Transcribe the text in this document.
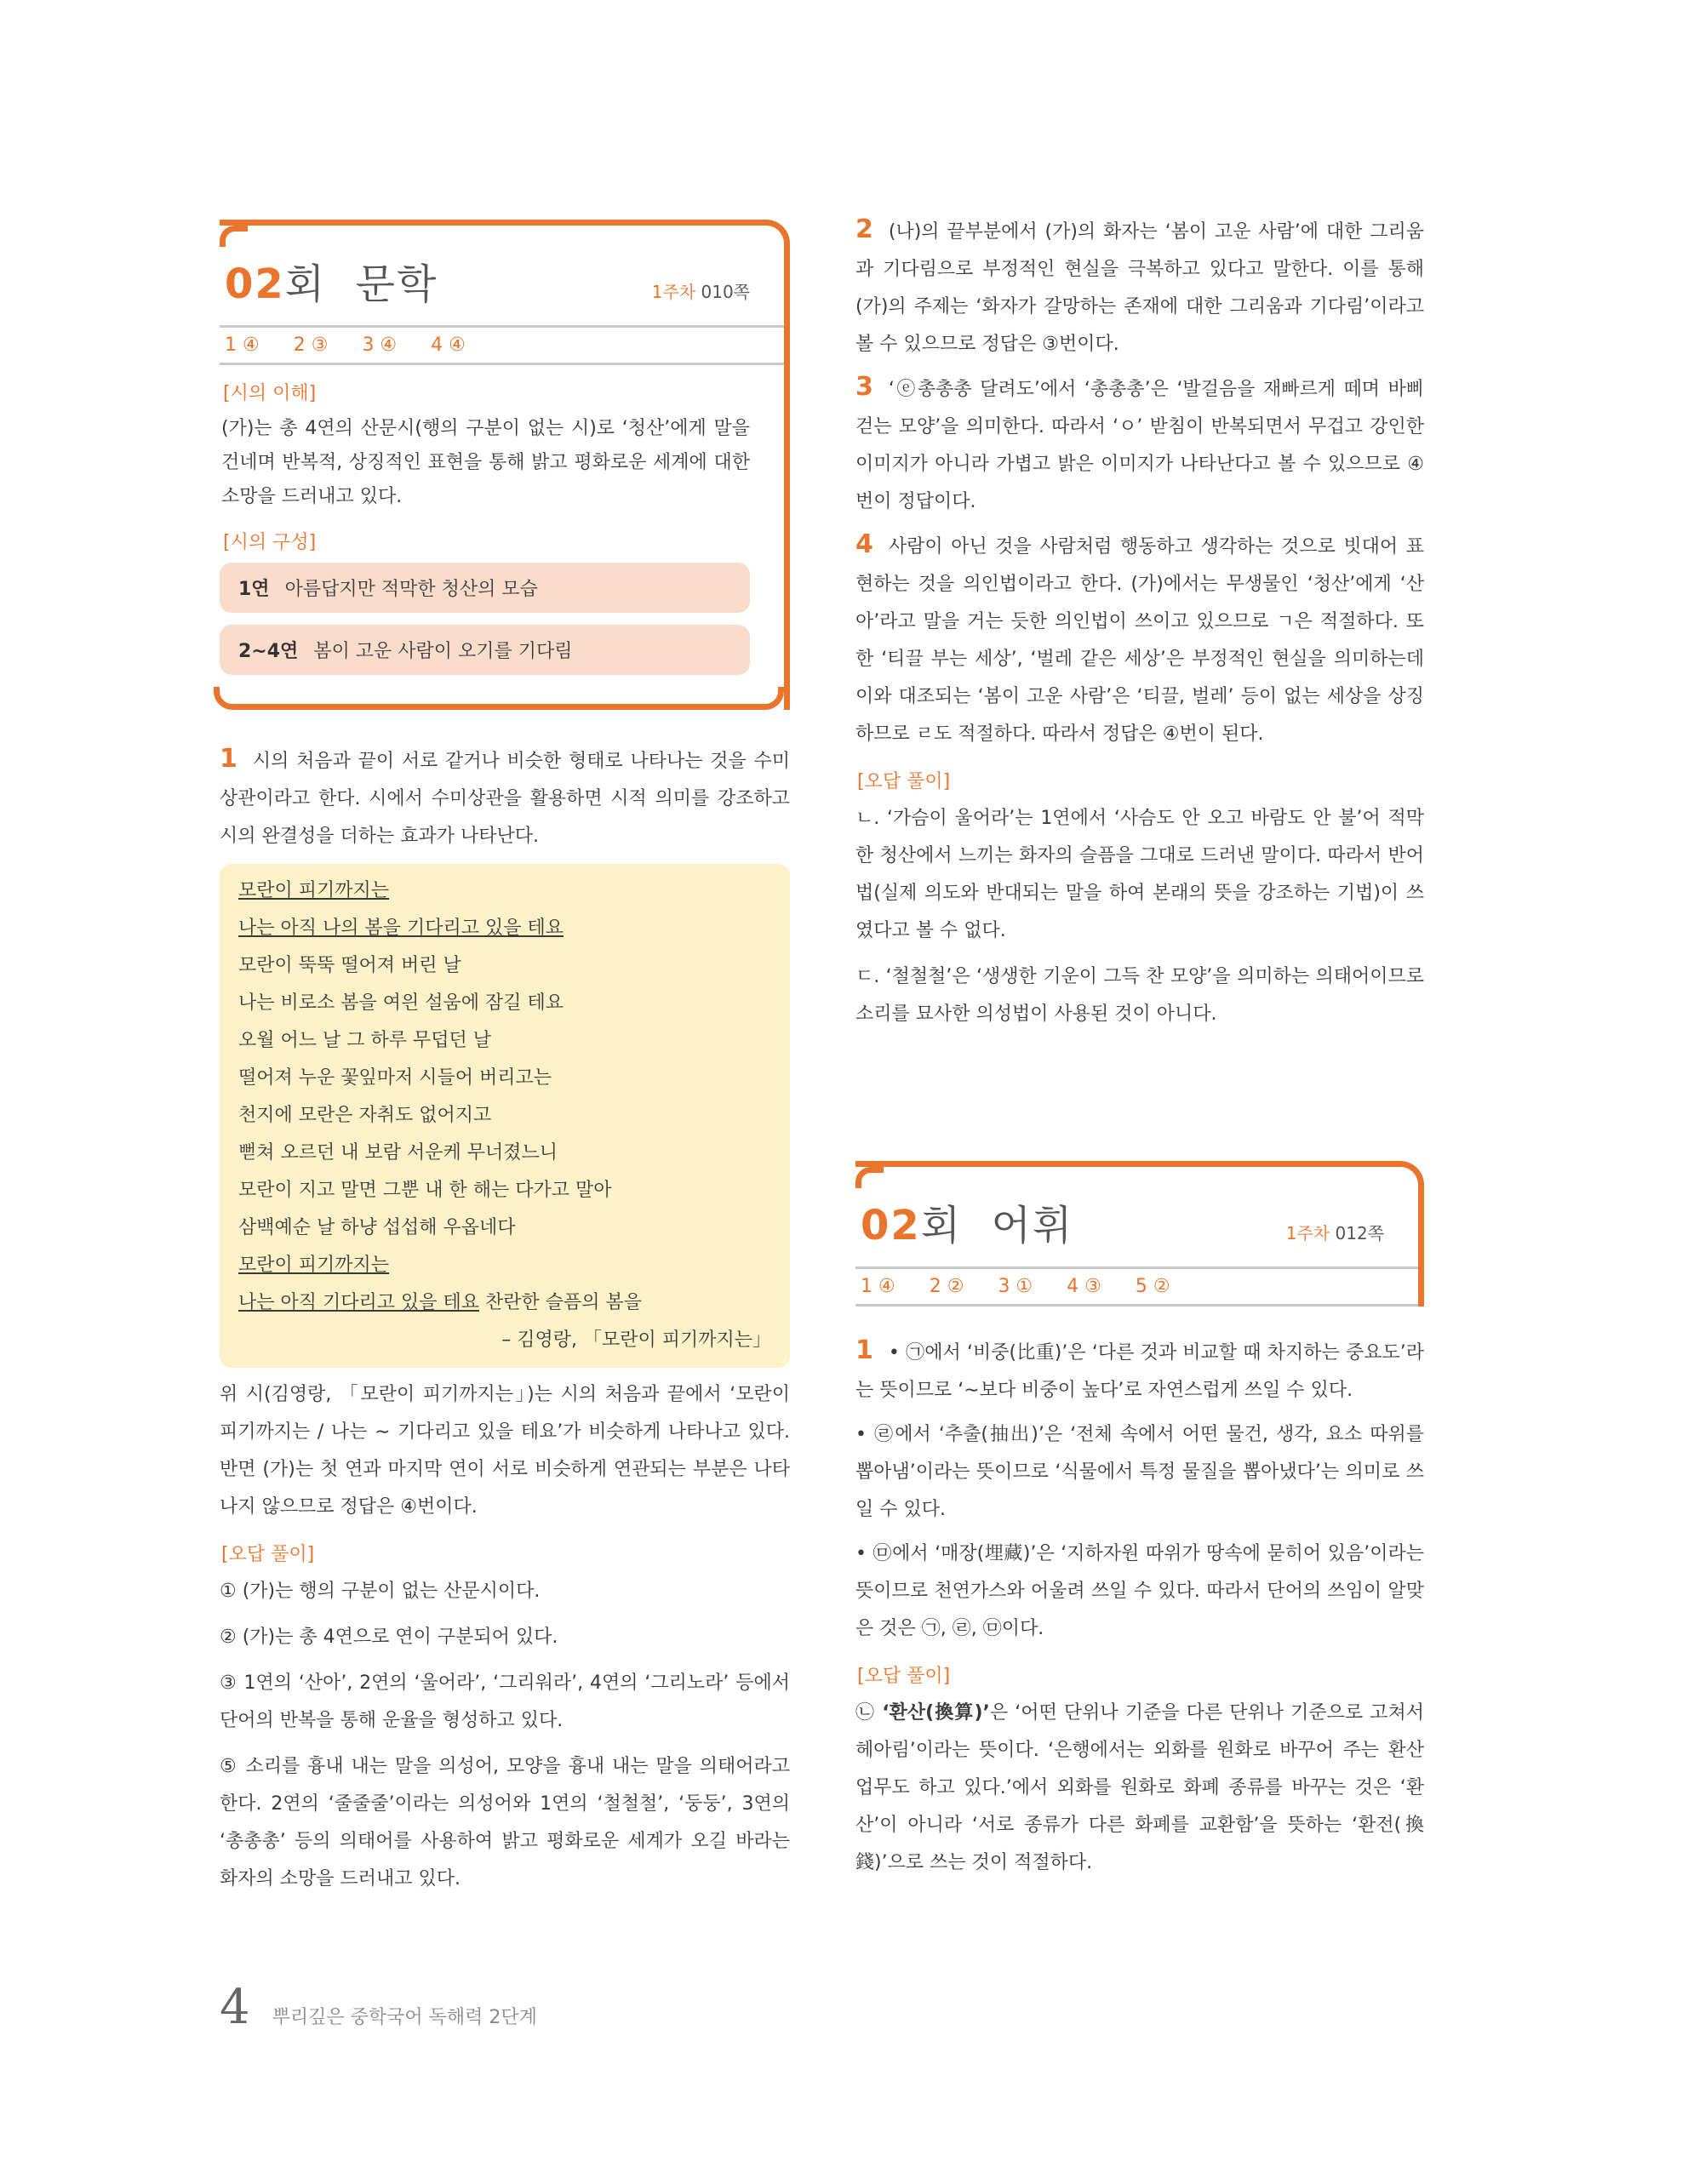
02회  문학	1주차 010쪽
1 ④ 2 ③ 3 ④ 4 ④
[시의 이해]

(가)는 총 4연의 산문시(행의 구분이 없는 시)로 ‘청산’에게 말을 건네며 반복적, 상징적인 표현을 통해 밝고 평화로운 세계에 대한 소망을 드러내고 있다.

[시의 구성]
1연 아름답지만 적막한 청산의 모습
2~4연 봄이 고운 사람이 오기를 기다림

1 시의 처음과 끝이 서로 같거나 비슷한 형태로 나타나는 것을 수미상관이라고 한다. 시에서 수미상관을 활용하면 시적 의미를 강조하고 시의 완결성을 더하는 효과가 나타난다.

모란이 피기까지는
나는 아직 나의 봄을 기다리고 있을 테요
모란이 뚝뚝 떨어져 버린 날
나는 비로소 봄을 여읜 설움에 잠길 테요
오월 어느 날 그 하루 무덥던 날
떨어져 누운 꽃잎마저 시들어 버리고는
천지에 모란은 자취도 없어지고
뻗쳐 오르던 내 보람 서운케 무너졌느니
모란이 지고 말면 그뿐 내 한 해는 다가고 말아
삼백예순 날 하냥 섭섭해 우옵네다
모란이 피기까지는
나는 아직 기다리고 있을 테요 찬란한 슬픔의 봄을
– 김영랑, 「모란이 피기까지는」

위 시(김영랑, 「모란이 피기까지는」)는 시의 처음과 끝에서 ‘모란이 피기까지는 / 나는 ∼ 기다리고 있을 테요’가 비슷하게 나타나고 있다. 반면 (가)는 첫 연과 마지막 연이 서로 비슷하게 연관되는 부분은 나타나지 않으므로 정답은 ④번이다.

[오답 풀이]

① (가)는 행의 구분이 없는 산문시이다.

② (가)는 총 4연으로 연이 구분되어 있다.

③ 1연의 ‘산아’, 2연의 ‘울어라’, ‘그리워라’, 4연의 ‘그리노라’ 등에서 단어의 반복을 통해 운율을 형성하고 있다.

⑤ 소리를 흉내 내는 말을 의성어, 모양을 흉내 내는 말을 의태어라고 한다. 2연의 ‘줄줄줄’이라는 의성어와 1연의 ‘철철철’, ‘둥둥’, 3연의 ‘총총총’ 등의 의태어를 사용하여 밝고 평화로운 세계가 오길 바라는 화자의 소망을 드러내고 있다.

2 (나)의 끝부분에서 (가)의 화자는 ‘봄이 고운 사람’에 대한 그리움과 기다림으로 부정적인 현실을 극복하고 있다고 말한다. 이를 통해 (가)의 주제는 ‘화자가 갈망하는 존재에 대한 그리움과 기다림’이라고 볼 수 있으므로 정답은 ③번이다.

3 ‘ⓔ총총총 달려도’에서 ‘총총총’은 ‘발걸음을 재빠르게 떼며 바삐 걷는 모양’을 의미한다. 따라서 ‘ㅇ’ 받침이 반복되면서 무겁고 강인한 이미지가 아니라 가볍고 밝은 이미지가 나타난다고 볼 수 있으므로 ④번이 정답이다.

4 사람이 아닌 것을 사람처럼 행동하고 생각하는 것으로 빗대어 표현하는 것을 의인법이라고 한다. (가)에서는 무생물인 ‘청산’에게 ‘산아’라고 말을 거는 듯한 의인법이 쓰이고 있으므로 ㄱ은 적절하다. 또한 ‘티끌 부는 세상’, ‘벌레 같은 세상’은 부정적인 현실을 의미하는데 이와 대조되는 ‘봄이 고운 사람’은 ‘티끌, 벌레’ 등이 없는 세상을 상징하므로 ㄹ도 적절하다. 따라서 정답은 ④번이 된다.

[오답 풀이]

ㄴ. ‘가슴이 울어라’는 1연에서 ‘사슴도 안 오고 바람도 안 불’어 적막한 청산에서 느끼는 화자의 슬픔을 그대로 드러낸 말이다. 따라서 반어법(실제 의도와 반대되는 말을 하여 본래의 뜻을 강조하는 기법)이 쓰였다고 볼 수 없다.

ㄷ. ‘철철철’은 ‘생생한 기운이 그득 찬 모양’을 의미하는 의태어이므로 소리를 묘사한 의성법이 사용된 것이 아니다.

02회  어휘	1주차 012쪽
1 ④ 2 ② 3 ① 4 ③ 5 ②

1 • ㉠에서 ‘비중(比重)’은 ‘다른 것과 비교할 때 차지하는 중요도’라는 뜻이므로 ‘∼보다 비중이 높다’로 자연스럽게 쓰일 수 있다.

• ㉣에서 ‘추출(抽出)’은 ‘전체 속에서 어떤 물건, 생각, 요소 따위를 뽑아냄’이라는 뜻이므로 ‘식물에서 특정 물질을 뽑아냈다’는 의미로 쓰일 수 있다.

• ㉤에서 ‘매장(埋藏)’은 ‘지하자원 따위가 땅속에 묻히어 있음’이라는 뜻이므로 천연가스와 어울려 쓰일 수 있다. 따라서 단어의 쓰임이 알맞은 것은 ㉠, ㉣, ㉤이다.

[오답 풀이]

㉡ ‘환산(換算)’은 ‘어떤 단위나 기준을 다른 단위나 기준으로 고쳐서 헤아림’이라는 뜻이다. ‘은행에서는 외화를 원화로 바꾸어 주는 환산 업무도 하고 있다.’에서 외화를 원화로 화폐 종류를 바꾸는 것은 ‘환산’이 아니라 ‘서로 종류가 다른 화폐를 교환함’을 뜻하는 ‘환전(換錢)’으로 쓰는 것이 적절하다.

4 뿌리깊은 중학국어 독해력 2단계
